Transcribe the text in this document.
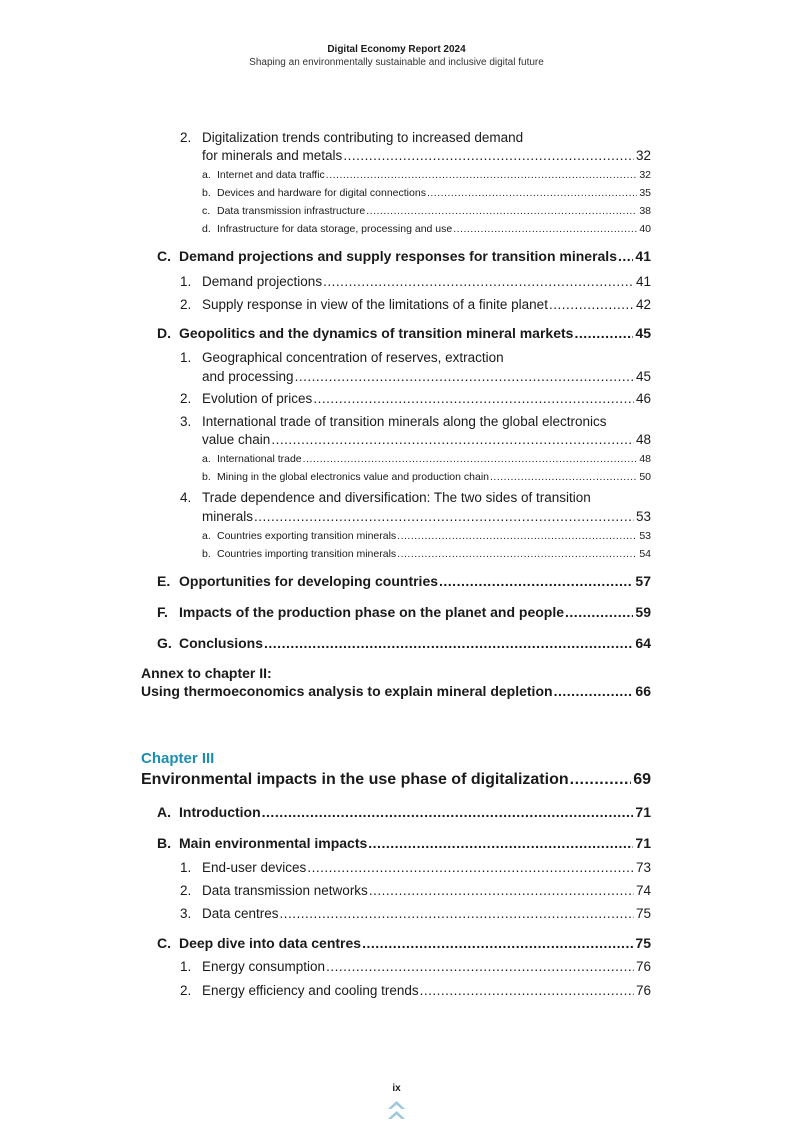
Digital Economy Report 2024
Shaping an environmentally sustainable and inclusive digital future
2. Digitalization trends contributing to increased demand
for minerals and metals .....	32
a. Internet and data traffic .....	32
b. Devices and hardware for digital connections .....	35
c. Data transmission infrastructure .....	38
d. Infrastructure for data storage, processing and use .....	40
C. Demand projections and supply responses for transition minerals ..... 41
1. Demand projections .....	41
2. Supply response in view of the limitations of a finite planet .....	42
D. Geopolitics and the dynamics of transition mineral markets .....	45
1. Geographical concentration of reserves, extraction
and processing .....	45
2. Evolution of prices .....	46
3. International trade of transition minerals along the global electronics
value chain .....	48
a. International trade .....	48
b. Mining in the global electronics value and production chain .....	50
4. Trade dependence and diversification: The two sides of transition
minerals .....	53
a. Countries exporting transition minerals .....	53
b. Countries importing transition minerals .....	54
E. Opportunities for developing countries .....	57
F. Impacts of the production phase on the planet and people .....	59
G. Conclusions .....	64
Annex to chapter II:
Using thermoeconomics analysis to explain mineral depletion .....	66
Chapter III
Environmental impacts in the use phase of digitalization .....	69
A. Introduction .....	71
B. Main environmental impacts .....	71
1. End-user devices .....	73
2. Data transmission networks .....	74
3. Data centres .....	75
C. Deep dive into data centres .....	75
1. Energy consumption .....	76
2. Energy efficiency and cooling trends .....	76
ix
